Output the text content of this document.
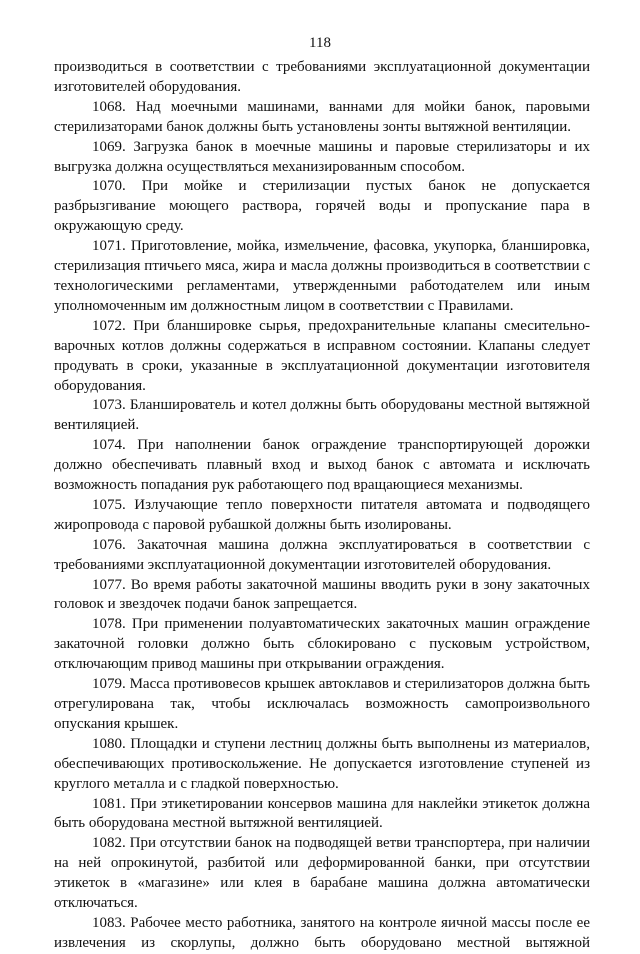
118

производиться в соответствии с требованиями эксплуатационной документации изготовителей оборудования.

1068. Над моечными машинами, ваннами для мойки банок, паровыми стерилизаторами банок должны быть установлены зонты вытяжной вентиляции.

1069. Загрузка банок в моечные машины и паровые стерилизаторы и их выгрузка должна осуществляться механизированным способом.

1070. При мойке и стерилизации пустых банок не допускается разбрызгивание моющего раствора, горячей воды и пропускание пара в окружающую среду.

1071. Приготовление, мойка, измельчение, фасовка, укупорка, бланшировка, стерилизация птичьего мяса, жира и масла должны производиться в соответствии с технологическими регламентами, утвержденными работодателем или иным уполномоченным им должностным лицом в соответствии с Правилами.

1072. При бланшировке сырья, предохранительные клапаны смесительно-варочных котлов должны содержаться в исправном состоянии. Клапаны следует продувать в сроки, указанные в эксплуатационной документации изготовителя оборудования.

1073. Бланширователь и котел должны быть оборудованы местной вытяжной вентиляцией.

1074. При наполнении банок ограждение транспортирующей дорожки должно обеспечивать плавный вход и выход банок с автомата и исключать возможность попадания рук работающего под вращающиеся механизмы.

1075. Излучающие тепло поверхности питателя автомата и подводящего жиропровода с паровой рубашкой должны быть изолированы.

1076. Закаточная машина должна эксплуатироваться в соответствии с требованиями эксплуатационной документации изготовителей оборудования.

1077. Во время работы закаточной машины вводить руки в зону закаточных головок и звездочек подачи банок запрещается.

1078. При применении полуавтоматических закаточных машин ограждение закаточной головки должно быть сблокировано с пусковым устройством, отключающим привод машины при открывании ограждения.

1079. Масса противовесов крышек автоклавов и стерилизаторов должна быть отрегулирована так, чтобы исключалась возможность самопроизвольного опускания крышек.

1080. Площадки и ступени лестниц должны быть выполнены из материалов, обеспечивающих противоскольжение. Не допускается изготовление ступеней из круглого металла и с гладкой поверхностью.

1081. При этикетировании консервов машина для наклейки этикеток должна быть оборудована местной вытяжной вентиляцией.

1082. При отсутствии банок на подводящей ветви транспортера, при наличии на ней опрокинутой, разбитой или деформированной банки, при отсутствии этикеток в «магазине» или клея в барабане машина должна автоматически отключаться.

1083. Рабочее место работника, занятого на контроле яичной массы после ее извлечения из скорлупы, должно быть оборудовано местной вытяжной
